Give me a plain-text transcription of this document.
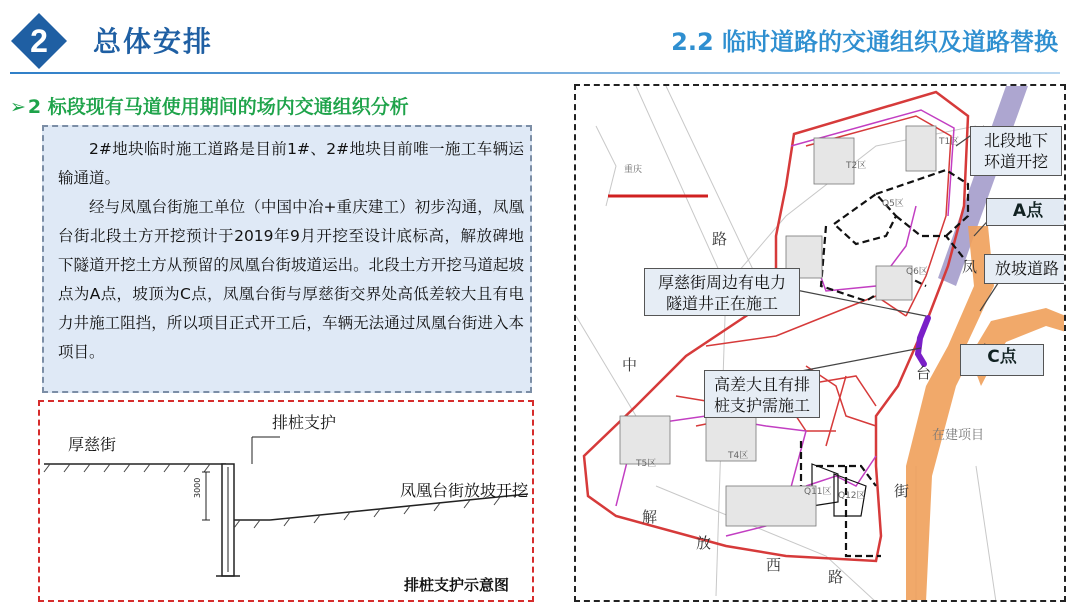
2 总体安排	2.2 临时道路的交通组织及道路替换
➢ 2 标段现有马道使用期间的场内交通组织分析
2#地块临时施工道路是目前1#、2#地块目前唯一施工车辆运输通道。
经与凤凰台街施工单位（中国中冶+重庆建工）初步沟通，凤凰台街北段土方开挖预计于2019年9月开挖至设计底标高，解放碑地下隧道开挖土方从预留的凤凰台街坡道运出。北段土方开挖马道起坡点为A点，坡顶为C点，凤凰台街与厚慈街交界处高低差较大且有电力井施工阻挡，所以项目正式开工后，车辆无法通过凤凰台街进入本项目。
3000
排桩支护
厚慈街
凤凰台街放坡开挖
排桩支护示意图
T1区
T2区
Q5区
Q6区
T4区
T5区
Q11区 Q12区
重庆
路
中
解
放
西
路
街
凤
台
在建项目
北段地下环道开挖
A点
放坡道路
C点
厚慈街周边有电力隧道井正在施工
高差大且有排桩支护需施工
